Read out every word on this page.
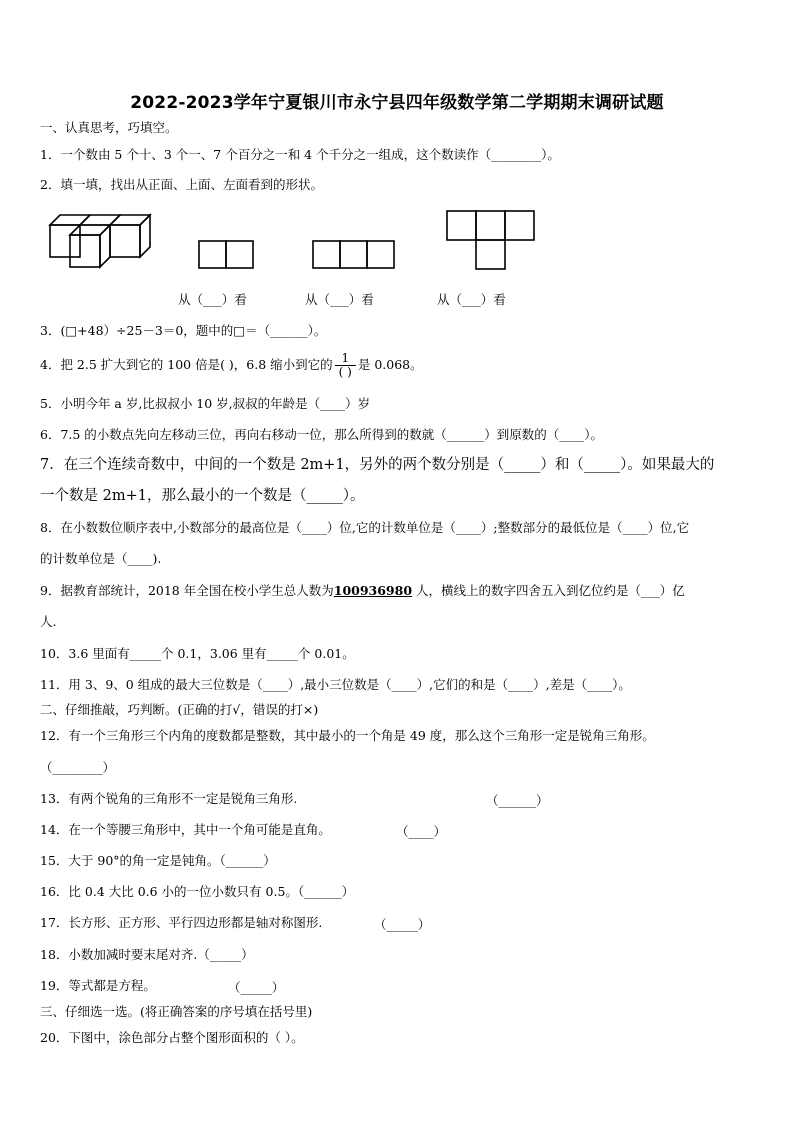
2022-2023学年宁夏银川市永宁县四年级数学第二学期期末调研试题
一、认真思考，巧填空。
1．一个数由 5 个十、3 个一、7 个百分之一和 4 个千分之一组成，这个数读作（________）。
2．填一填，找出从正面、上面、左面看到的形状。
从（___）看	从（___）看	从（___）看
3．(□+48）÷25－3＝0，题中的□＝（______）。
4．把 2.5 扩大到它的 100 倍是( )，6.8 缩小到它的 $\frac{1}{( )}$ 是 0.068。
5．小明今年 a 岁,比叔叔小 10 岁,叔叔的年龄是（____）岁
6．7.5 的小数点先向左移动三位，再向右移动一位，那么所得到的数就（______）到原数的（____）。
7．在三个连续奇数中，中间的一个数是 2m+1，另外的两个数分别是（_____）和（_____）。如果最大的
一个数是 2m+1，那么最小的一个数是（_____）。
8．在小数数位顺序表中,小数部分的最高位是（____）位,它的计数单位是（____）;整数部分的最低位是（____）位,它
的计数单位是（____).
9．据教育部统计，2018 年全国在校小学生总人数为100936980 人，横线上的数字四舍五入到亿位约是（___）亿
人.
10．3.6 里面有_____个 0.1，3.06 里有_____个 0.01。
11．用 3、9、0 组成的最大三位数是（____）,最小三位数是（____）,它们的和是（____）,差是（____）。
二、仔细推敲，巧判断。(正确的打√，错误的打×)
12．有一个三角形三个内角的度数都是整数，其中最小的一个角是 49 度，那么这个三角形一定是锐角三角形。
（________）
13．有两个锐角的三角形不一定是锐角三角形.	（______）
14．在一个等腰三角形中，其中一个角可能是直角。	（____）
15．大于 90°的角一定是钝角。（______）
16．比 0.4 大比 0.6 小的一位小数只有 0.5。（______）
17．长方形、正方形、平行四边形都是轴对称图形.	（_____）
18．小数加减时要末尾对齐.（_____）
19．等式都是方程。	（_____）
三、仔细选一选。(将正确答案的序号填在括号里)
20．下图中，涂色部分占整个图形面积的（ ）。
